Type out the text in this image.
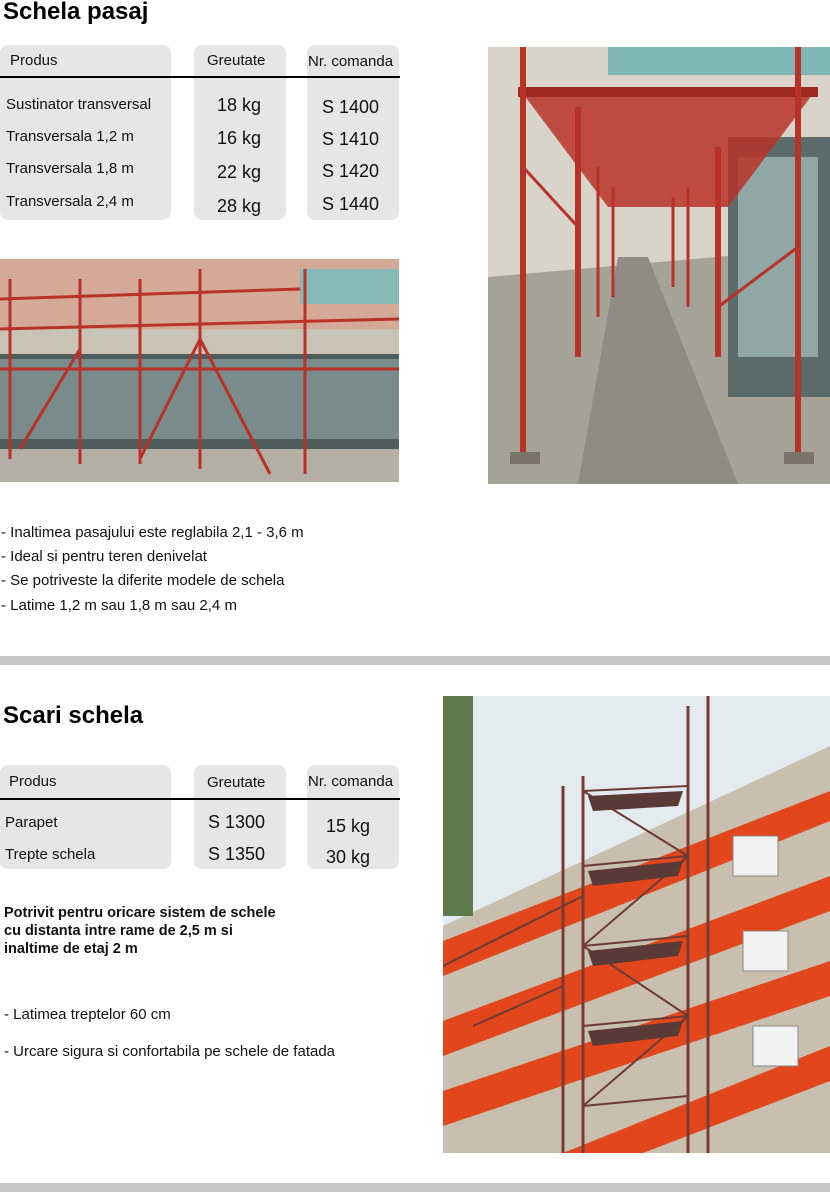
Schela pasaj
Produs	Greutate	Nr. comanda
Sustinator transversal	18 kg	S 1400
Transversala 1,2 m	16 kg	S 1410
Transversala 1,8 m	22 kg	S 1420
Transversala 2,4 m	28 kg	S 1440
- Inaltimea pasajului este reglabila 2,1 - 3,6 m
- Ideal si pentru teren denivelat
- Se potriveste la diferite modele de schela
- Latime 1,2 m sau 1,8 m sau 2,4 m
Scari schela
Produs	Greutate	Nr. comanda
Parapet	S 1300	15 kg
Trepte schela	S 1350	30 kg
Potrivit pentru oricare sistem de schele
cu distanta intre rame de 2,5 m si
inaltime de etaj 2 m
- Latimea treptelor 60 cm
- Urcare sigura si confortabila pe schele de fatada
